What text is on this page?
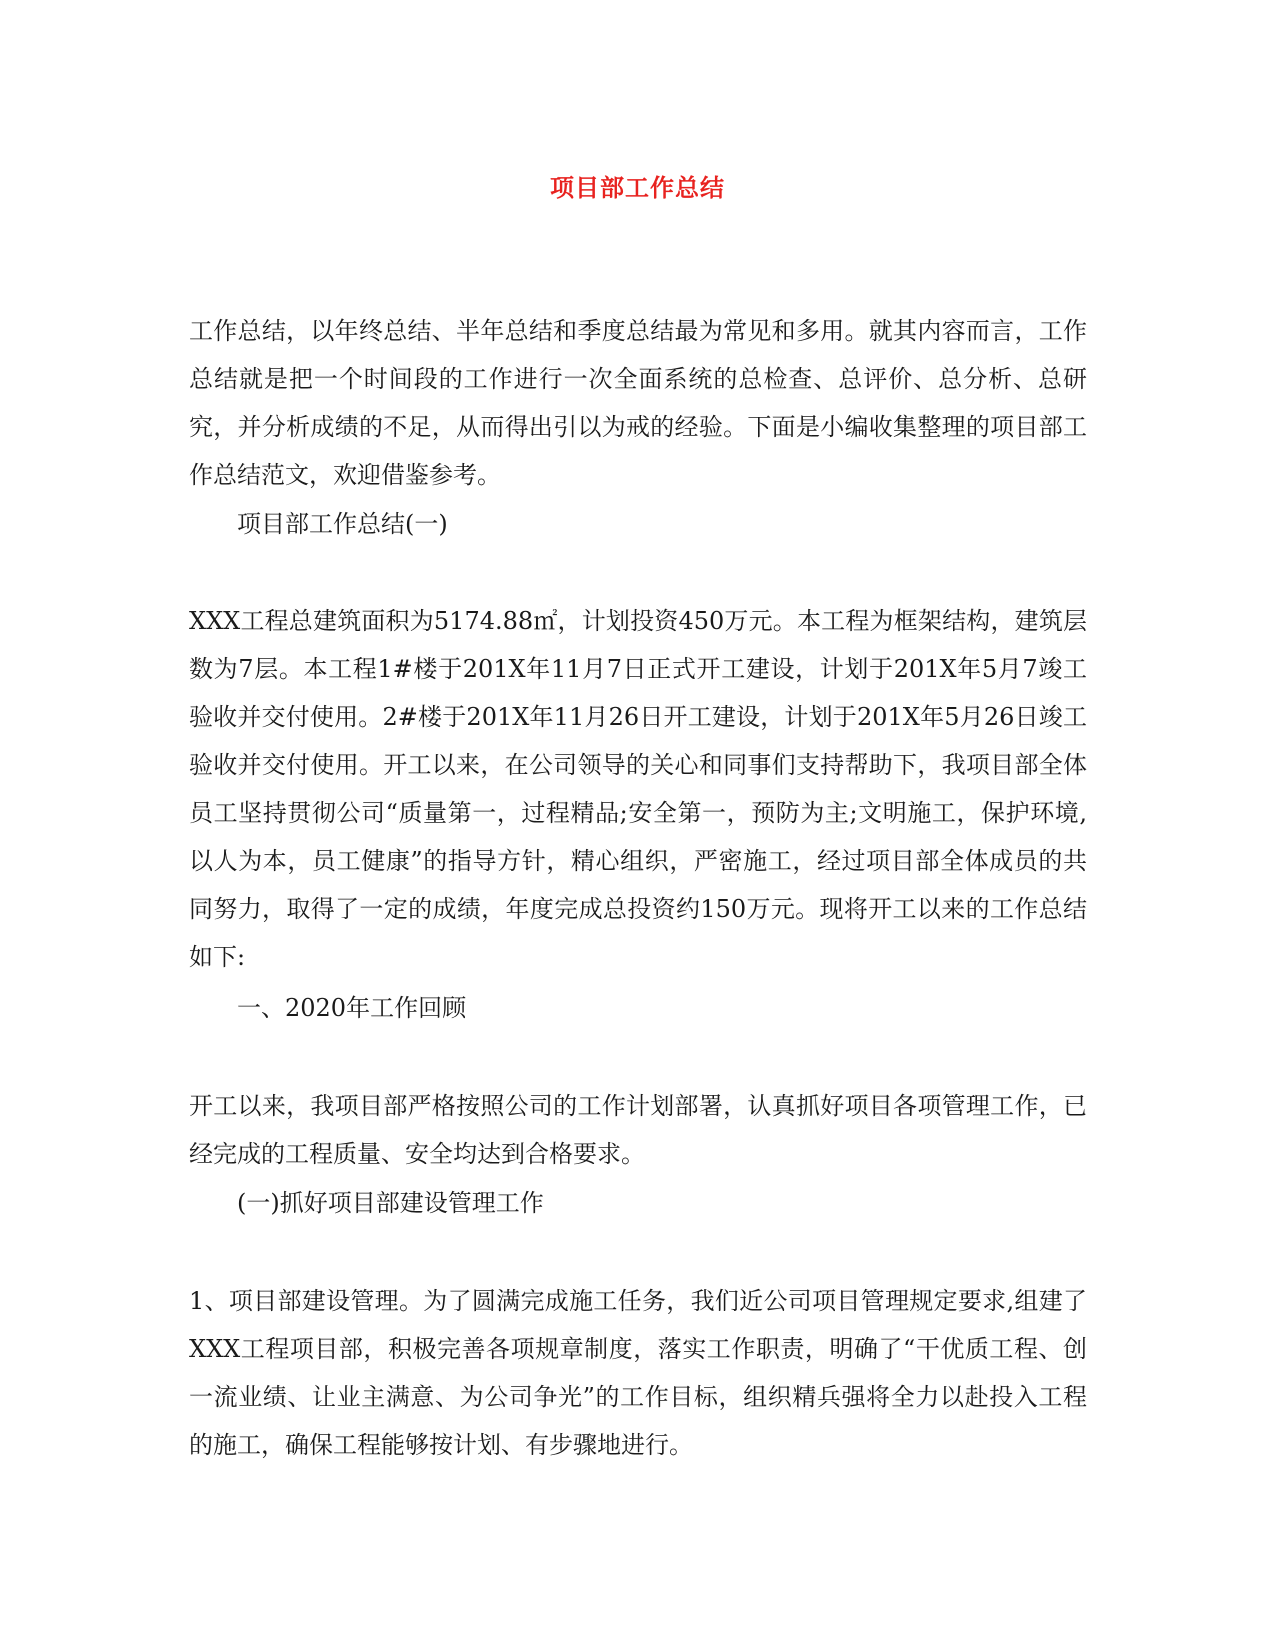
项目部工作总结

工作总结，以年终总结、半年总结和季度总结最为常见和多用。就其内容而言，工作总结就是把一个时间段的工作进行一次全面系统的总检查、总评价、总分析、总研究，并分析成绩的不足，从而得出引以为戒的经验。下面是小编收集整理的项目部工作总结范文，欢迎借鉴参考。

项目部工作总结(一)

XXX工程总建筑面积为5174.88㎡，计划投资450万元。本工程为框架结构，建筑层数为7层。本工程1#楼于201X年11月7日正式开工建设，计划于201X年5月7竣工验收并交付使用。2#楼于201X年11月26日开工建设，计划于201X年5月26日竣工验收并交付使用。开工以来，在公司领导的关心和同事们支持帮助下，我项目部全体员工坚持贯彻公司“质量第一，过程精品;安全第一，预防为主;文明施工，保护环境,以人为本，员工健康”的指导方针，精心组织，严密施工，经过项目部全体成员的共同努力，取得了一定的成绩，年度完成总投资约150万元。现将开工以来的工作总结如下:

一、2020年工作回顾

开工以来，我项目部严格按照公司的工作计划部署，认真抓好项目各项管理工作，已经完成的工程质量、安全均达到合格要求。

(一)抓好项目部建设管理工作

1、项目部建设管理。为了圆满完成施工任务，我们近公司项目管理规定要求,组建了XXX工程项目部，积极完善各项规章制度，落实工作职责，明确了“干优质工程、创一流业绩、让业主满意、为公司争光”的工作目标，组织精兵强将全力以赴投入工程的施工，确保工程能够按计划、有步骤地进行。
